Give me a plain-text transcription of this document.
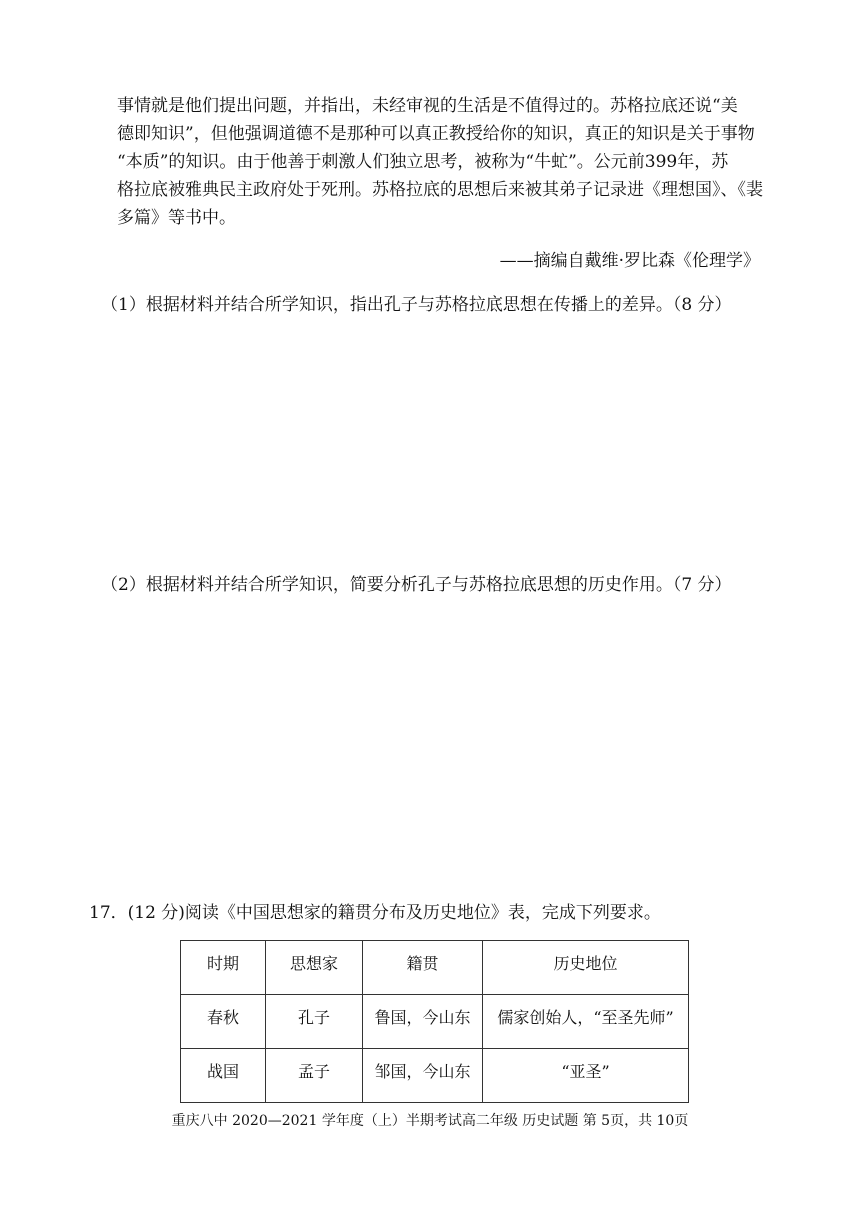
事情就是他们提出问题，并指出，未经审视的生活是不值得过的。苏格拉底还说“美
德即知识”，但他强调道德不是那种可以真正教授给你的知识，真正的知识是关于事物
“本质”的知识。由于他善于刺激人们独立思考，被称为“牛虻”。公元前399年，苏
格拉底被雅典民主政府处于死刑。苏格拉底的思想后来被其弟子记录进《理想国》、《裴
多篇》等书中。
——摘编自戴维·罗比森《伦理学》
（1）根据材料并结合所学知识，指出孔子与苏格拉底思想在传播上的差异。（8 分）
（2）根据材料并结合所学知识，简要分析孔子与苏格拉底思想的历史作用。（7 分）
17．(12 分)阅读《中国思想家的籍贯分布及历史地位》表，完成下列要求。
时期	思想家	籍贯	历史地位
春秋	孔子	鲁国，今山东	儒家创始人，“至圣先师”
战国	孟子	邹国，今山东	“亚圣”
重庆八中 2020—2021 学年度（上）半期考试高二年级 历史试题 第 5页，共 10页
